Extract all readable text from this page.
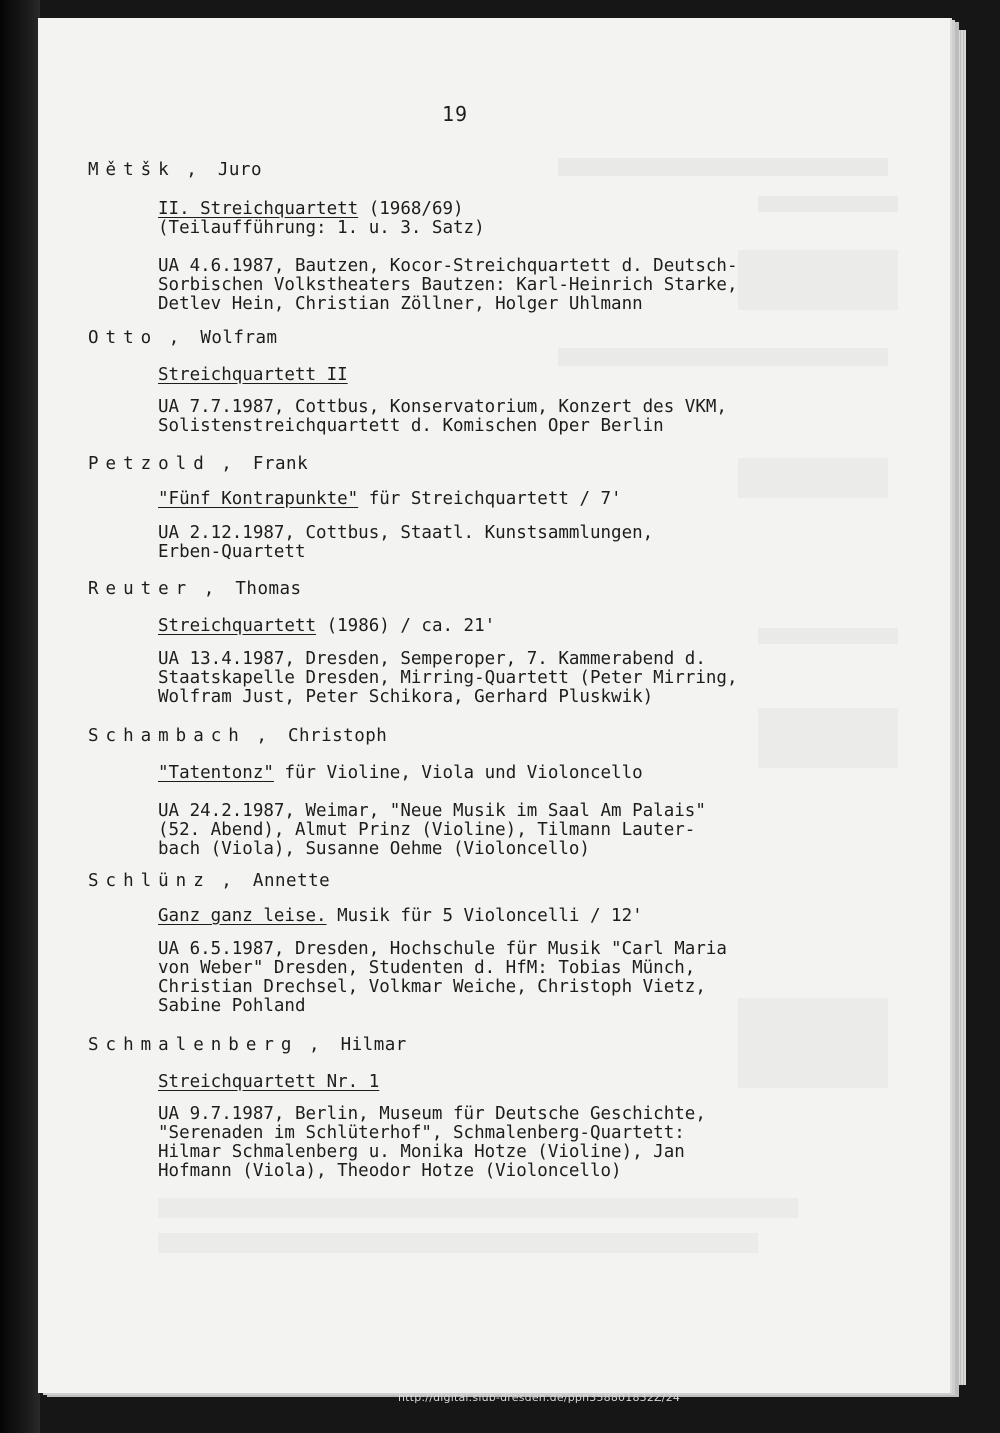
19
Mětšk ,  Juro
II. Streichquartett (1968/69)
(Teilaufführung: 1. u. 3. Satz)
UA 4.6.1987, Bautzen, Kocor-Streichquartett d. Deutsch-
Sorbischen Volkstheaters Bautzen: Karl-Heinrich Starke,
Detlev Hein, Christian Zöllner, Holger Uhlmann
Otto ,  Wolfram
Streichquartett II
UA 7.7.1987, Cottbus, Konservatorium, Konzert des VKM,
Solistenstreichquartett d. Komischen Oper Berlin
Petzold ,  Frank
"Fünf Kontrapunkte" für Streichquartett / 7'
UA 2.12.1987, Cottbus, Staatl. Kunstsammlungen,
Erben-Quartett
Reuter ,  Thomas
Streichquartett (1986) / ca. 21'
UA 13.4.1987, Dresden, Semperoper, 7. Kammerabend d.
Staatskapelle Dresden, Mirring-Quartett (Peter Mirring,
Wolfram Just, Peter Schikora, Gerhard Pluskwik)
Schambach ,  Christoph
"Tatentonz" für Violine, Viola und Violoncello
UA 24.2.1987, Weimar, "Neue Musik im Saal Am Palais"
(52. Abend), Almut Prinz (Violine), Tilmann Lauter-
bach (Viola), Susanne Oehme (Violoncello)
Schlünz ,  Annette
Ganz ganz leise. Musik für 5 Violoncelli / 12'
UA 6.5.1987, Dresden, Hochschule für Musik "Carl Maria
von Weber" Dresden, Studenten d. HfM: Tobias Münch,
Christian Drechsel, Volkmar Weiche, Christoph Vietz,
Sabine Pohland
Schmalenberg ,  Hilmar
Streichquartett Nr. 1
UA 9.7.1987, Berlin, Museum für Deutsche Geschichte,
"Serenaden im Schlüterhof", Schmalenberg-Quartett:
Hilmar Schmalenberg u. Monika Hotze (Violine), Jan
Hofmann (Viola), Theodor Hotze (Violoncello)
http://digital.slub-dresden.de/ppn358801832Z/24
